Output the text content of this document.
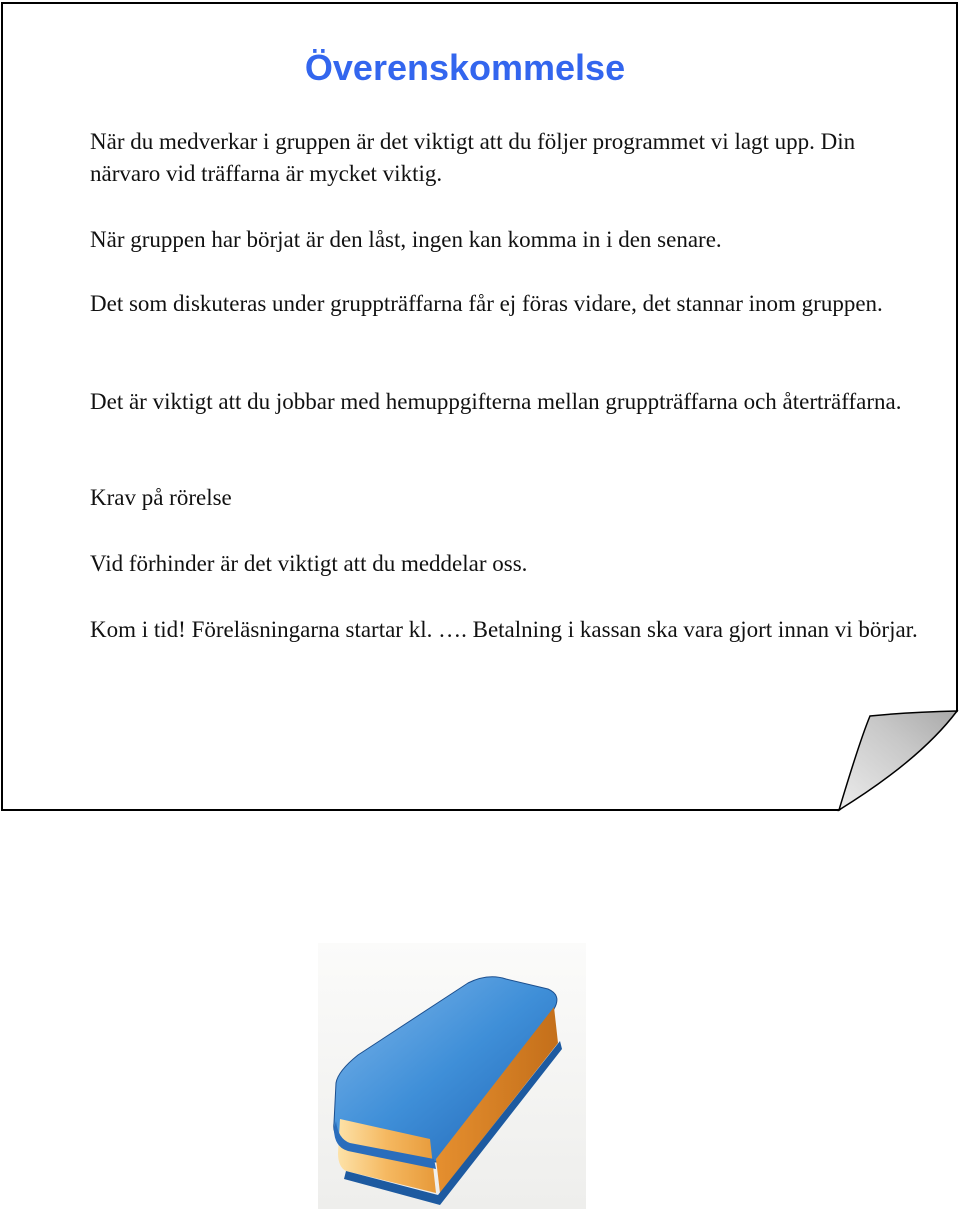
Överenskommelse

När du medverkar i gruppen är det viktigt att du följer programmet vi lagt upp. Din närvaro vid träffarna är mycket viktig.

När gruppen har börjat är den låst, ingen kan komma in i den senare.

Det som diskuteras under gruppträffarna får ej föras vidare, det stannar inom gruppen.

Det är viktigt att du jobbar med hemuppgifterna mellan gruppträffarna och återträffarna.

Krav på rörelse

Vid förhinder är det viktigt att du meddelar oss.

Kom i tid! Föreläsningarna startar kl. …. Betalning i kassan ska vara gjort innan vi börjar.
